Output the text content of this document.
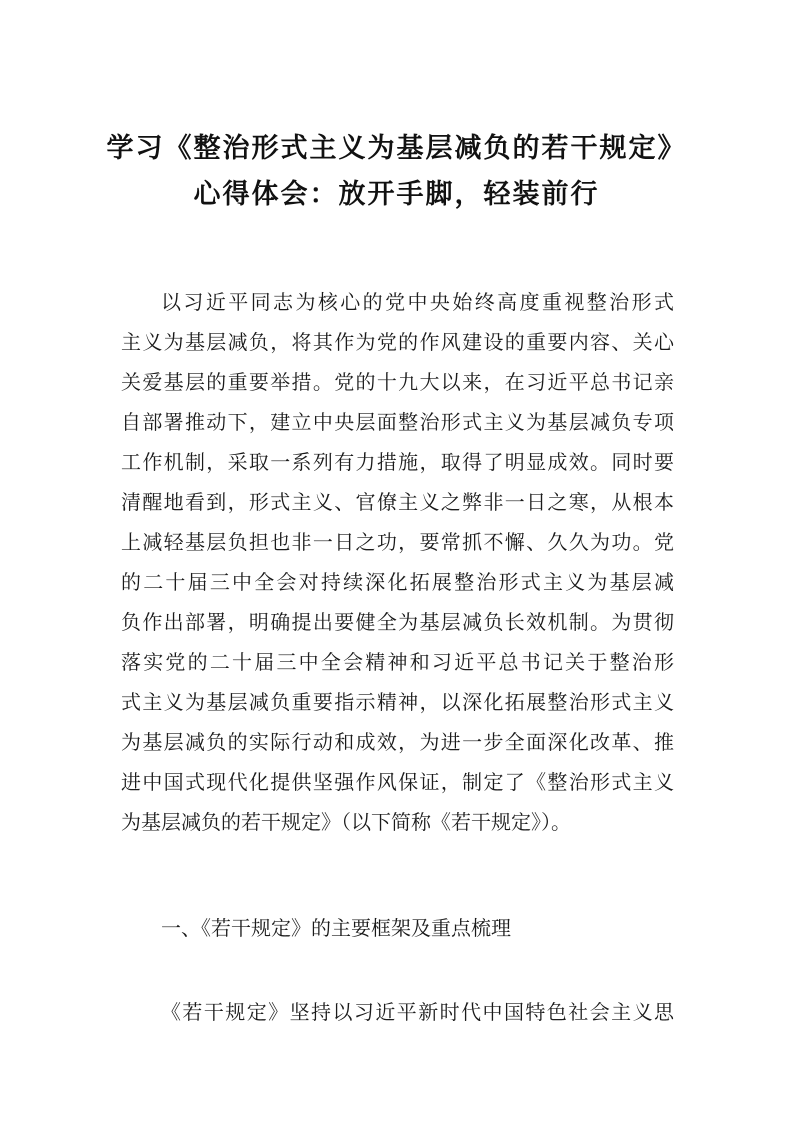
学习《整治形式主义为基层减负的若干规定》
心得体会：放开手脚，轻装前行
以习近平同志为核心的党中央始终高度重视整治形式
主义为基层减负，将其作为党的作风建设的重要内容、关心
关爱基层的重要举措。党的十九大以来，在习近平总书记亲
自部署推动下，建立中央层面整治形式主义为基层减负专项
工作机制，采取一系列有力措施，取得了明显成效。同时要
清醒地看到，形式主义、官僚主义之弊非一日之寒，从根本
上减轻基层负担也非一日之功，要常抓不懈、久久为功。党
的二十届三中全会对持续深化拓展整治形式主义为基层减
负作出部署，明确提出要健全为基层减负长效机制。为贯彻
落实党的二十届三中全会精神和习近平总书记关于整治形
式主义为基层减负重要指示精神，以深化拓展整治形式主义
为基层减负的实际行动和成效，为进一步全面深化改革、推
进中国式现代化提供坚强作风保证，制定了《整治形式主义
为基层减负的若干规定》（以下简称《若干规定》）。
一、《若干规定》的主要框架及重点梳理
《若干规定》坚持以习近平新时代中国特色社会主义思
